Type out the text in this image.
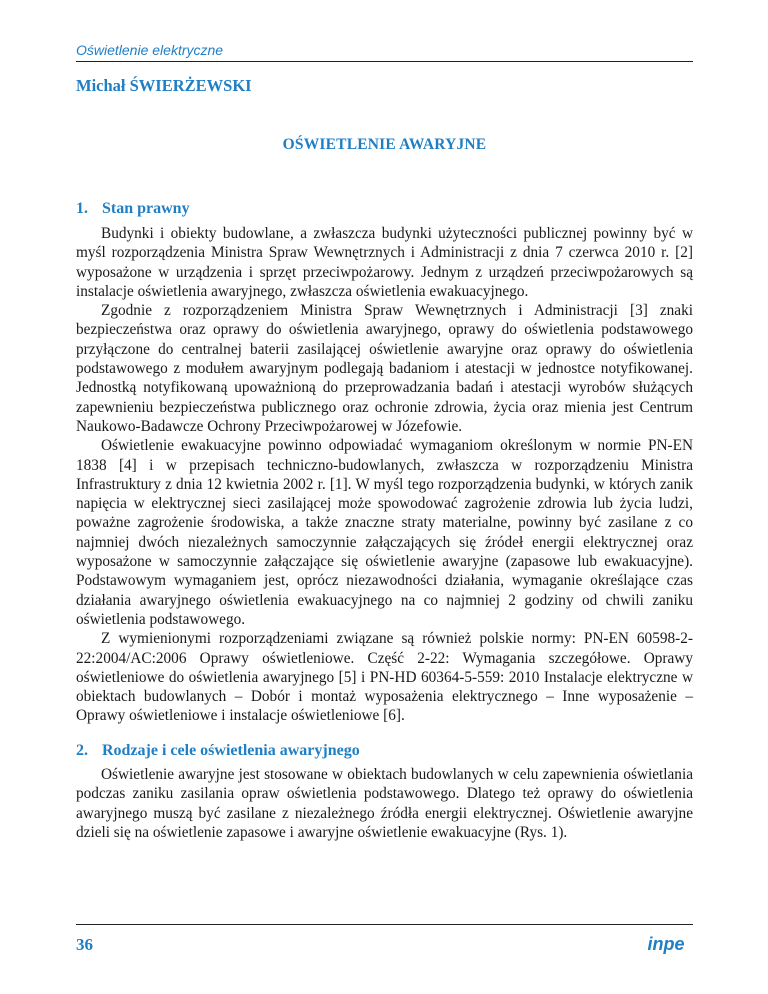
Oświetlenie elektryczne
Michał ŚWIERŻEWSKI
OŚWIETLENIE AWARYJNE
1. Stan prawny

Budynki i obiekty budowlane, a zwłaszcza budynki użyteczności publicznej powinny być w myśl rozporządzenia Ministra Spraw Wewnętrznych i Administracji z dnia 7 czerwca 2010 r. [2] wyposażone w urządzenia i sprzęt przeciwpożarowy. Jednym z urządzeń przeciwpożarowych są instalacje oświetlenia awaryjnego, zwłaszcza oświetlenia ewakuacyjnego.

Zgodnie z rozporządzeniem Ministra Spraw Wewnętrznych i Administracji [3] znaki bezpieczeństwa oraz oprawy do oświetlenia awaryjnego, oprawy do oświetlenia podstawowego przyłączone do centralnej baterii zasilającej oświetlenie awaryjne oraz oprawy do oświetlenia podstawowego z modułem awaryjnym podlegają badaniom i atestacji w jednostce notyfikowanej. Jednostką notyfikowaną upoważnioną do przeprowadzania badań i atestacji wyrobów służących zapewnieniu bezpieczeństwa publicznego oraz ochronie zdrowia, życia oraz mienia jest Centrum Naukowo-Badawcze Ochrony Przeciwpożarowej w Józefowie.

Oświetlenie ewakuacyjne powinno odpowiadać wymaganiom określonym w normie PN-EN 1838 [4] i w przepisach techniczno-budowlanych, zwłaszcza w rozporządzeniu Ministra Infrastruktury z dnia 12 kwietnia 2002 r. [1]. W myśl tego rozporządzenia budynki, w których zanik napięcia w elektrycznej sieci zasilającej może spowodować zagrożenie zdrowia lub życia ludzi, poważne zagrożenie środowiska, a także znaczne straty materialne, powinny być zasilane z co najmniej dwóch niezależnych samoczynnie załączających się źródeł energii elektrycznej oraz wyposażone w samoczynnie załączające się oświetlenie awaryjne (zapasowe lub ewakuacyjne). Podstawowym wymaganiem jest, oprócz niezawodności działania, wymaganie określające czas działania awaryjnego oświetlenia ewakuacyjnego na co najmniej 2 godziny od chwili zaniku oświetlenia podstawowego.

Z wymienionymi rozporządzeniami związane są również polskie normy: PN-EN 60598-2-22:2004/AC:2006 Oprawy oświetleniowe. Część 2-22: Wymagania szczegółowe. Oprawy oświetleniowe do oświetlenia awaryjnego [5] i PN-HD 60364-5-559: 2010 Instalacje elektryczne w obiektach budowlanych – Dobór i montaż wyposażenia elektrycznego – Inne wyposażenie – Oprawy oświetleniowe i instalacje oświetleniowe [6].

2. Rodzaje i cele oświetlenia awaryjnego

Oświetlenie awaryjne jest stosowane w obiektach budowlanych w celu zapewnienia oświetlania podczas zaniku zasilania opraw oświetlenia podstawowego. Dlatego też oprawy do oświetlenia awaryjnego muszą być zasilane z niezależnego źródła energii elektrycznej. Oświetlenie awaryjne dzieli się na oświetlenie zapasowe i awaryjne oświetlenie ewakuacyjne (Rys. 1).

36	inpe
